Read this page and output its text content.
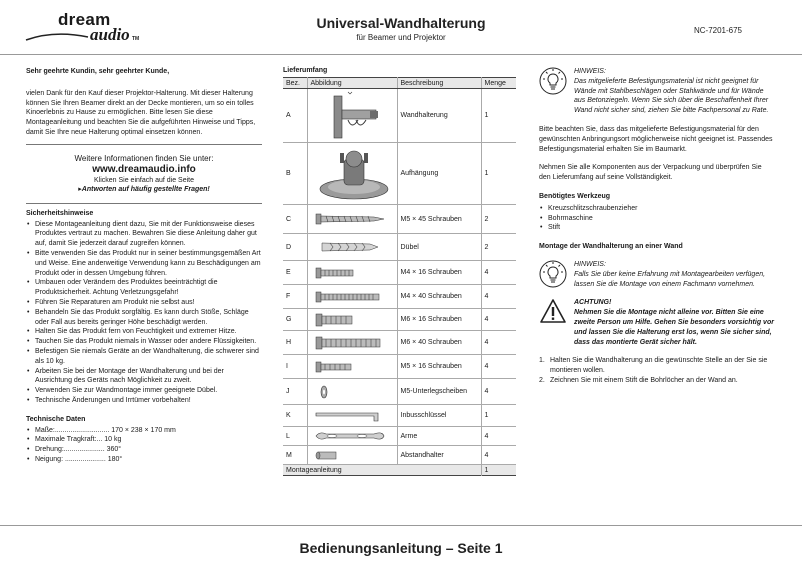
dream
audio TM
Universal-Wandhalterung
für Beamer und Projektor
NC-7201-675
Sehr geehrte Kundin, sehr geehrter Kunde,
vielen Dank für den Kauf dieser Projektor-Halterung. Mit dieser Halterung können Sie Ihren Beamer direkt an der Decke montieren, um so ein tolles Kinoerlebnis zu Hause zu ermöglichen. Bitte lesen Sie diese Montageanleitung und beachten Sie die aufgeführten Hinweise und Tipps, damit Sie Ihre neue Halterung optimal einsetzen können.
Weitere Informationen finden Sie unter:
www.dreamaudio.info
Klicken Sie einfach auf die Seite
▸Antworten auf häufig gestellte Fragen!
Sicherheitshinweise
• Diese Montageanleitung dient dazu, Sie mit der Funktionsweise dieses Produktes vertraut zu machen. Bewahren Sie diese Anleitung daher gut auf, damit Sie jederzeit darauf zugreifen können.
• Bitte verwenden Sie das Produkt nur in seiner bestimmungsgemäßen Art und Weise. Eine anderweitige Verwendung kann zu Beschädigungen am Produkt oder in dessen Umgebung führen.
• Umbauen oder Verändern des Produktes beeinträchtigt die Produktsicherheit. Achtung Verletzungsgefahr!
• Führen Sie Reparaturen am Produkt nie selbst aus!
• Behandeln Sie das Produkt sorgfältig. Es kann durch Stöße, Schläge oder Fall aus bereits geringer Höhe beschädigt werden.
• Halten Sie das Produkt fern von Feuchtigkeit und extremer Hitze.
• Tauchen Sie das Produkt niemals in Wasser oder andere Flüssigkeiten.
• Befestigen Sie niemals Geräte an der Wandhalterung, die schwerer sind als 10 kg.
• Arbeiten Sie bei der Montage der Wandhalterung und bei der Ausrichtung des Geräts nach Möglichkeit zu zweit.
• Verwenden Sie zur Wandmontage immer geeignete Dübel.
• Technische Änderungen und Irrtümer vorbehalten!
Technische Daten
• Maße:............................ 170 × 238 × 170 mm
• Maximale Tragkraft:... 10 kg
• Drehung:..................... 360°
• Neigung: ..................... 180°
Lieferumfang
Bez.	Abbildung	Beschreibung	Menge
A		Wandhalterung	1
B		Aufhängung	1
C		M5 × 45 Schrauben	2
D		Dübel	2
E		M4 × 16 Schrauben	4
F		M4 × 40 Schrauben	4
G		M6 × 16 Schrauben	4
H		M6 × 40 Schrauben	4
I		M5 × 16 Schrauben	4
J		M5-Unterlegscheiben	4
K		Inbusschlüssel	1
L		Arme	4
M		Abstandhalter	4
Montageanleitung			1
HINWEIS:
Das mitgelieferte Befestigungsmaterial ist nicht geeignet für Wände mit Stahlbeschlägen oder Stahlwände und für Wände aus Betonziegeln. Wenn Sie sich über die Beschaffenheit Ihrer Wand nicht sicher sind, ziehen Sie bitte Fachpersonal zu Rate.
Bitte beachten Sie, dass das mitgelieferte Befestigungsmaterial für den gewünschten Anbringungsort möglicherweise nicht geeignet ist. Passendes Befestigungsmaterial erhalten Sie im Baumarkt.
Nehmen Sie alle Komponenten aus der Verpackung und überprüfen Sie den Lieferumfang auf seine Vollständigkeit.
Benötigtes Werkzeug
• Kreuzschlitzschraubenzieher
• Bohrmaschine
• Stift
Montage der Wandhalterung an einer Wand
HINWEIS:
Falls Sie über keine Erfahrung mit Montagearbeiten verfügen, lassen Sie die Montage von einem Fachmann vornehmen.
ACHTUNG!
Nehmen Sie die Montage nicht alleine vor. Bitten Sie eine zweite Person um Hilfe. Gehen Sie besonders vorsichtig vor und lassen Sie die Halterung erst los, wenn Sie sicher sind, dass das montierte Gerät sicher hält.
1. Halten Sie die Wandhalterung an die gewünschte Stelle an der Sie sie montieren wollen.
2. Zeichnen Sie mit einem Stift die Bohrlöcher an der Wand an.
Bedienungsanleitung – Seite 1
